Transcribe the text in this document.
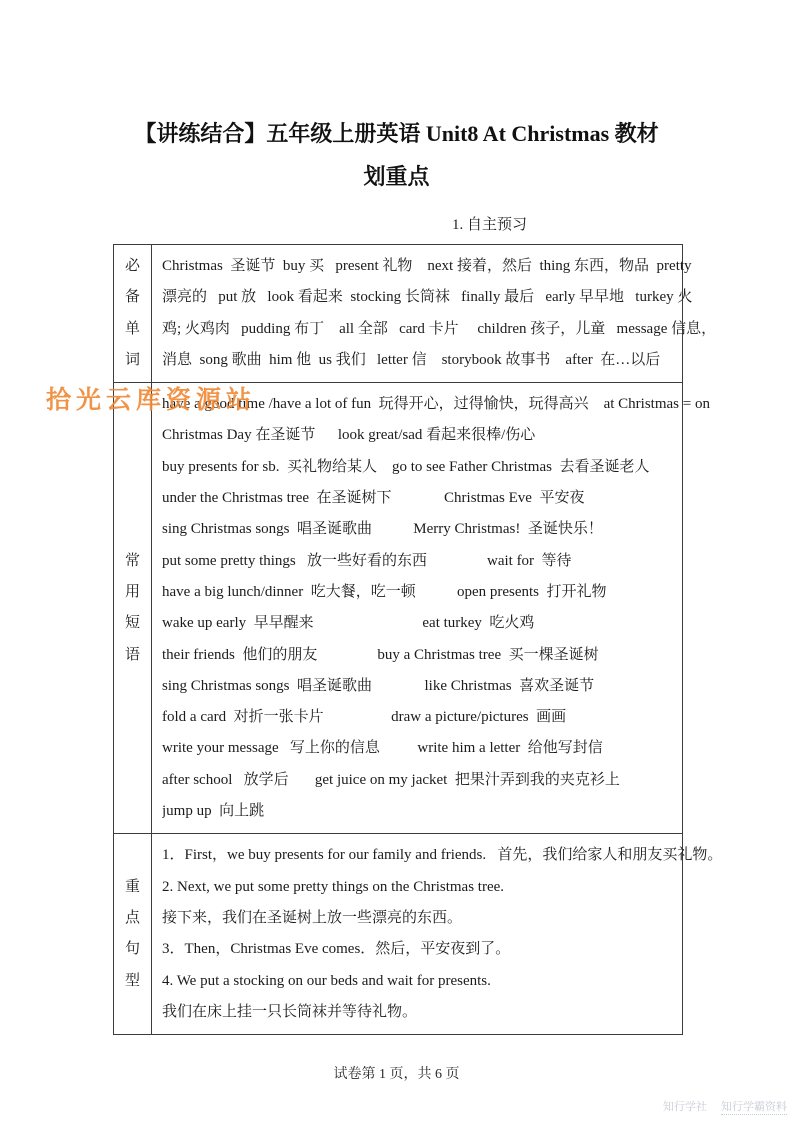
拾光云库资源站
【讲练结合】五年级上册英语 Unit8 At Christmas 教材
划重点
1. 自主预习
必
备
单
词
Christmas  圣诞节  buy 买   present 礼物    next 接着，然后  thing 东西，物品  pretty
漂亮的   put 放   look 看起来  stocking 长筒袜   finally 最后   early 早早地   turkey 火
鸡; 火鸡肉   pudding 布丁    all 全部   card 卡片     children 孩子，儿童   message 信息，
消息  song 歌曲  him 他  us 我们   letter 信    storybook 故事书    after  在…以后
常
用
短
语
have a good time /have a lot of fun  玩得开心，过得愉快，玩得高兴    at Christmas = on
Christmas Day 在圣诞节      look great/sad 看起来很棒/伤心
buy presents for sb.  买礼物给某人    go to see Father Christmas  去看圣诞老人
under the Christmas tree  在圣诞树下              Christmas Eve  平安夜
sing Christmas songs  唱圣诞歌曲           Merry Christmas!  圣诞快乐！
put some pretty things   放一些好看的东西                wait for  等待
have a big lunch/dinner  吃大餐，吃一顿           open presents  打开礼物
wake up early  早早醒来                             eat turkey  吃火鸡
their friends  他们的朋友                buy a Christmas tree  买一棵圣诞树
sing Christmas songs  唱圣诞歌曲              like Christmas  喜欢圣诞节
fold a card  对折一张卡片                  draw a picture/pictures  画画
write your message   写上你的信息          write him a letter  给他写封信
after school   放学后       get juice on my jacket  把果汁弄到我的夹克衫上
jump up  向上跳
重
点
句
型
1．First，we buy presents for our family and friends.   首先，我们给家人和朋友买礼物。
2. Next, we put some pretty things on the Christmas tree.
接下来，我们在圣诞树上放一些漂亮的东西。
3．Then，Christmas Eve comes．然后，平安夜到了。
4. We put a stocking on our beds and wait for presents.
我们在床上挂一只长筒袜并等待礼物。
试卷第 1 页，共 6 页
知行学社 知行学霸资料
